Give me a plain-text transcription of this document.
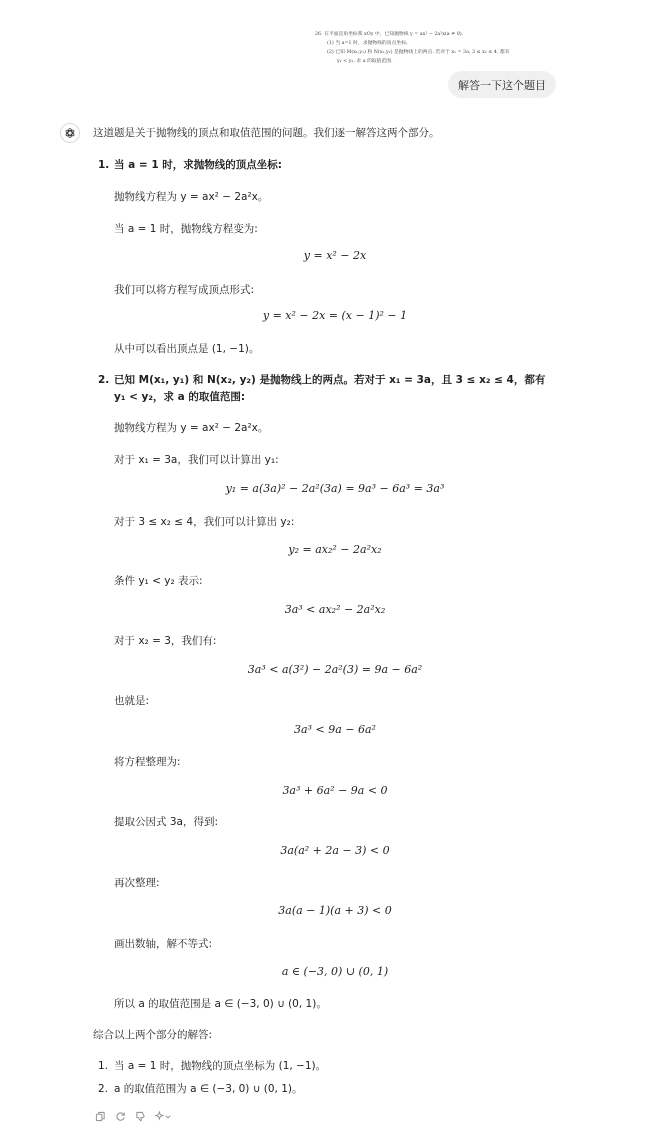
26. 在平面直角坐标系 xOy 中，已知抛物线 y = ax² − 2a²x(a ≠ 0).
(1) 当 a=1 时，求抛物线的顶点坐标;
(2) 已知 M(x₁,y₁) 和 N(x₂,y₂) 是抛物线上的两点. 若对于 x₁ = 3a, 3 ≤ x₂ ≤ 4, 都有
y₁ < y₂, 求 a 的取值范围.
解答一下这个题目
这道题是关于抛物线的顶点和取值范围的问题。我们逐一解答这两个部分。
1. 当 a = 1 时，求抛物线的顶点坐标:
抛物线方程为 y = ax² − 2a²x。
当 a = 1 时，抛物线方程变为:
y = x² − 2x
我们可以将方程写成顶点形式:
y = x² − 2x = (x − 1)² − 1
从中可以看出顶点是 (1, −1)。
2. 已知 M(x₁, y₁) 和 N(x₂, y₂) 是抛物线上的两点。若对于 x₁ = 3a，且 3 ≤ x₂ ≤ 4，都有
y₁ < y₂，求 a 的取值范围:
抛物线方程为 y = ax² − 2a²x。
对于 x₁ = 3a，我们可以计算出 y₁:
y₁ = a(3a)² − 2a²(3a) = 9a³ − 6a³ = 3a³
对于 3 ≤ x₂ ≤ 4，我们可以计算出 y₂:
y₂ = ax₂² − 2a²x₂
条件 y₁ < y₂ 表示:
3a³ < ax₂² − 2a²x₂
对于 x₂ = 3，我们有:
3a³ < a(3²) − 2a²(3) = 9a − 6a²
也就是:
3a³ < 9a − 6a²
将方程整理为:
3a³ + 6a² − 9a < 0
提取公因式 3a，得到:
3a(a² + 2a − 3) < 0
再次整理:
3a(a − 1)(a + 3) < 0
画出数轴，解不等式:
a ∈ (−3, 0) ∪ (0, 1)
所以 a 的取值范围是 a ∈ (−3, 0) ∪ (0, 1)。
综合以上两个部分的解答:
1. 当 a = 1 时，抛物线的顶点坐标为 (1, −1)。
2. a 的取值范围为 a ∈ (−3, 0) ∪ (0, 1)。
